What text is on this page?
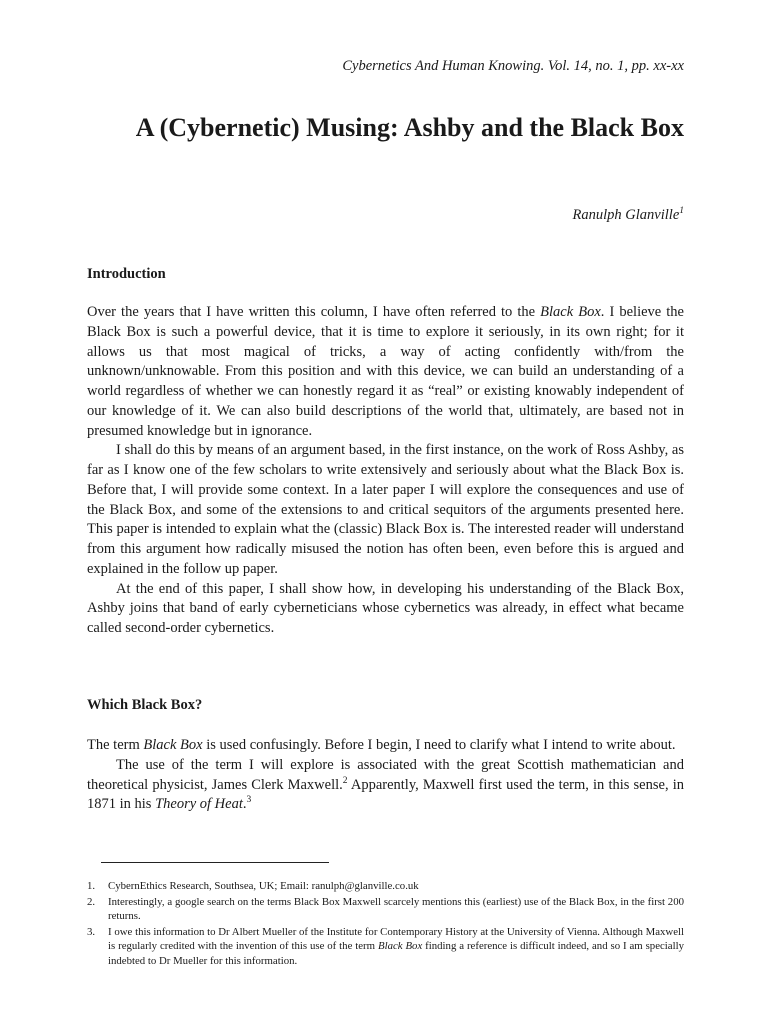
Cybernetics And Human Knowing. Vol. 14, no. 1, pp. xx-xx
A (Cybernetic) Musing: Ashby and the Black Box
Ranulph Glanville$^1$
Introduction

Over the years that I have written this column, I have often referred to the Black Box. I believe the Black Box is such a powerful device, that it is time to explore it seriously, in its own right; for it allows us that most magical of tricks, a way of acting confidently with/from the unknown/unknowable. From this position and with this device, we can build an understanding of a world regardless of whether we can honestly regard it as “real” or existing knowably independent of our knowledge of it. We can also build descriptions of the world that, ultimately, are based not in presumed knowledge but in ignorance.

I shall do this by means of an argument based, in the first instance, on the work of Ross Ashby, as far as I know one of the few scholars to write extensively and seriously about what the Black Box is. Before that, I will provide some context. In a later paper I will explore the consequences and use of the Black Box, and some of the extensions to and critical sequitors of the arguments presented here. This paper is intended to explain what the (classic) Black Box is. The interested reader will understand from this argument how radically misused the notion has often been, even before this is argued and explained in the follow up paper.

At the end of this paper, I shall show how, in developing his understanding of the Black Box, Ashby joins that band of early cyberneticians whose cybernetics was already, in effect what became called second-order cybernetics.

Which Black Box?

The term Black Box is used confusingly. Before I begin, I need to clarify what I intend to write about.

The use of the term I will explore is associated with the great Scottish mathematician and theoretical physicist, James Clerk Maxwell.$^2$ Apparently, Maxwell first used the term, in this sense, in 1871 in his Theory of Heat.$^3$

1.	CybernEthics Research, Southsea, UK; Email: ranulph@glanville.co.uk
2.	Interestingly, a google search on the terms Black Box Maxwell scarcely mentions this (earliest) use of the Black Box, in the first 200 returns.
3.	I owe this information to Dr Albert Mueller of the Institute for Contemporary History at the University of Vienna. Although Maxwell is regularly credited with the invention of this use of the term Black Box finding a reference is difficult indeed, and so I am specially indebted to Dr Mueller for this information.
